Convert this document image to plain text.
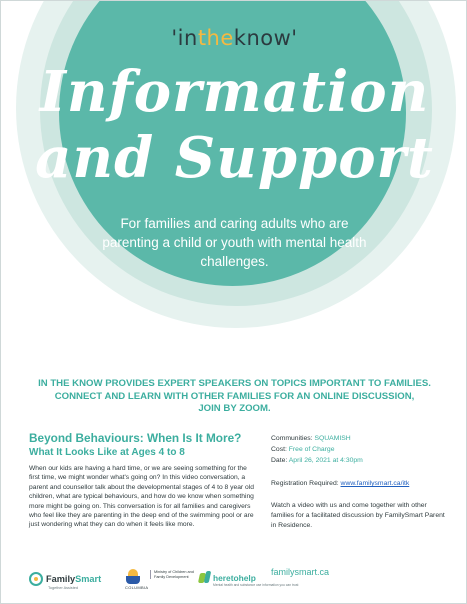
'intheknow'
Information
and Support
For families and caring adults who are parenting a child or youth with mental health challenges.
IN THE KNOW PROVIDES EXPERT SPEAKERS ON TOPICS IMPORTANT TO FAMILIES.
CONNECT AND LEARN WITH OTHER FAMILIES FOR AN ONLINE DISCUSSION,
JOIN BY ZOOM.
Beyond Behaviours: When Is It More?
What It Looks Like at Ages 4 to 8
When our kids are having a hard time, or we are seeing something for the first time, we might wonder what's going on? In this video conversation, a parent and counsellor talk about the developmental stages of 4 to 8 year old children, what are typical behaviours, and how do we know when something more might be going on. This conversation is for all families and caregivers who feel like they are parenting in the deep end of the swimming pool or are just wondering what they can do when it feels like more.
Communities: SQUAMISH
Cost: Free of Charge
Date: April 26, 2021 at 4:30pm
Registration Required: www.familysmart.ca/itk
Watch a video with us and come together with other families for a facilitated discussion by FamilySmart Parent in Residence.
familysmart.ca
FamilySmart
Together Assisted	COLUMBIA
Ministry of Children and Family Development	heretohelp
Mental health and substance use information you can trust
